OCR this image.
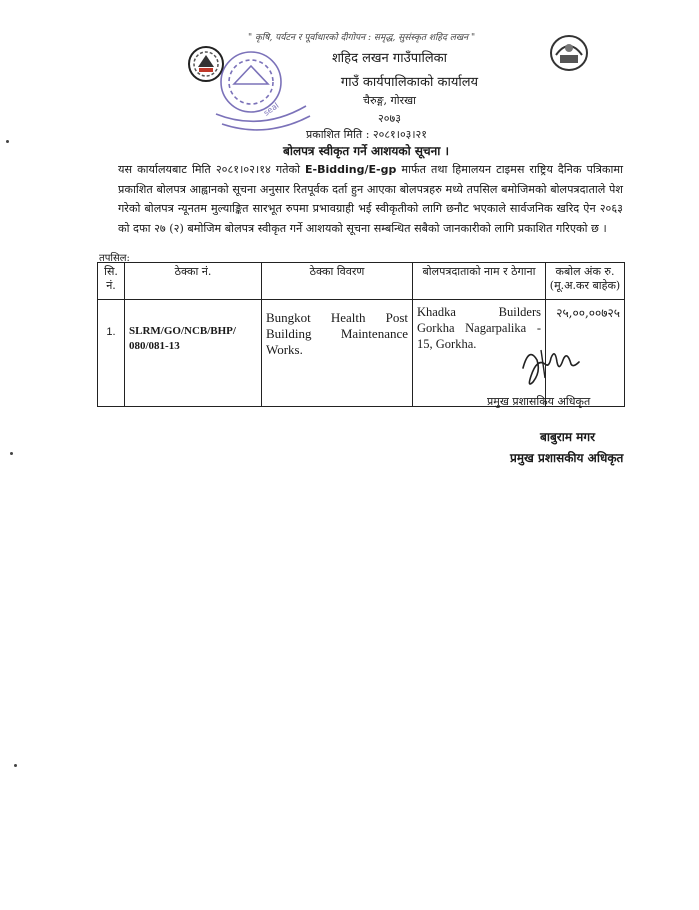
seal
" कृषि, पर्यटन र पूर्वाधारको दीगोपन : समृद्ध, सुसंस्कृत शहिद लखन "
शहिद लखन गाउँपालिका
गाउँ कार्यपालिकाको कार्यालय
चैरुङ्ग, गोरखा
२०७३
प्रकाशित मिति : २०८१।०३।२१
बोलपत्र स्वीकृत गर्ने आशयको सूचना ।
यस कार्यालयबाट मिति २०८१।०२।१४ गतेको E-Bidding/E-gp मार्फत तथा हिमालयन टाइमस राष्ट्रिय दैनिक पत्रिकामा प्रकाशित बोलपत्र आह्वानको सूचना अनुसार रितपूर्वक दर्ता हुन आएका बोलपत्रहरु मध्ये तपसिल बमोजिमको बोलपत्रदाताले पेश गरेको बोलपत्र न्यूनतम मुल्याङ्कित सारभूत रुपमा प्रभावग्राही भई स्वीकृतीको लागि छनौट भएकाले सार्वजनिक खरिद ऐन २०६३ को दफा २७ (२) बमोजिम बोलपत्र स्वीकृत गर्ने आशयको सूचना सम्बन्धित सबैको जानकारीको लागि प्रकाशित गरिएको छ ।
तपसिल:
सि. नं.	ठेक्का नं.	ठेक्का विवरण	बोलपत्रदाताको नाम र ठेगाना	कबोल अंक रु. (मू.अ.कर बाहेक)
1.	SLRM/GO/NCB/BHP/ 080/081-13	Bungkot Health Post Building Maintenance Works.	Khadka Builders Gorkha Nagarpalika - 15, Gorkha.	२५,००,००७२५
प्रमुख प्रशासकिय अधिकृत
बाबुराम मगर
प्रमुख प्रशासकीय अधिकृत
